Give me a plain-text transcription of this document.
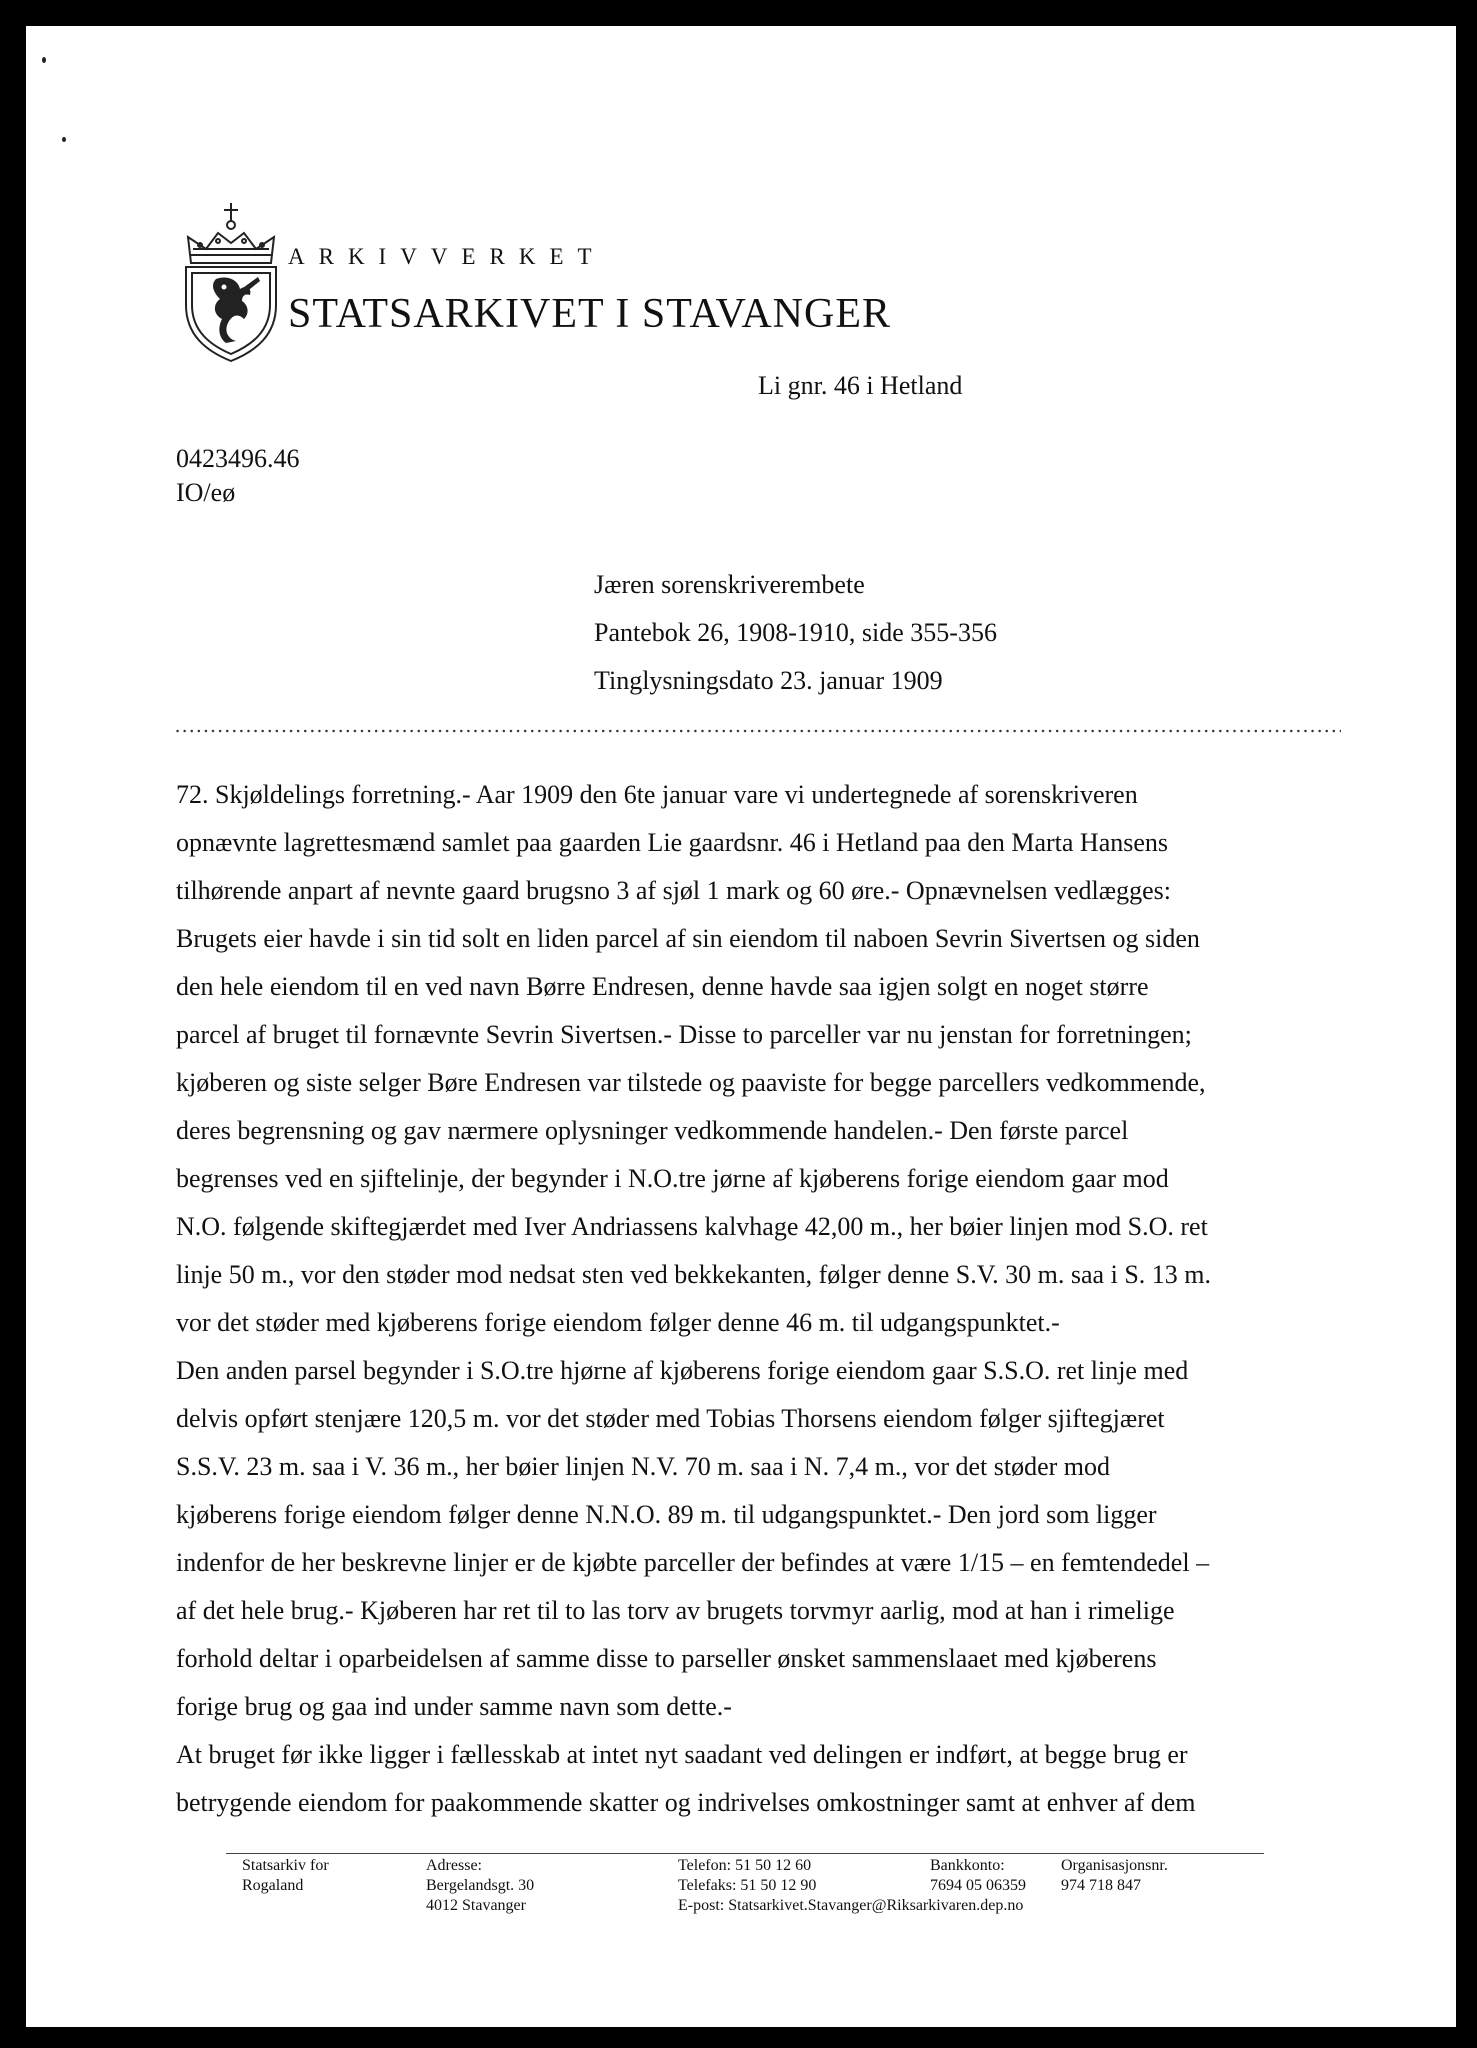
ARKIVVERKET
STATSARKIVET I STAVANGER
Li gnr. 46 i Hetland
0423496.46
IO/eø
Jæren sorenskriverembete
Pantebok 26, 1908-1910, side 355-356
Tinglysningsdato 23. januar 1909
72. Skjøldelings forretning.- Aar 1909 den 6te januar vare vi undertegnede af sorenskriveren
opnævnte lagrettesmænd samlet paa gaarden Lie gaardsnr. 46 i Hetland paa den Marta Hansens
tilhørende anpart af nevnte gaard brugsno 3 af sjøl 1 mark og 60 øre.- Opnævnelsen vedlægges:
Brugets eier havde i sin tid solt en liden parcel af sin eiendom til naboen Sevrin Sivertsen og siden
den hele eiendom til en ved navn Børre Endresen, denne havde saa igjen solgt en noget større
parcel af bruget til fornævnte Sevrin Sivertsen.- Disse to parceller var nu jenstan for forretningen;
kjøberen og siste selger Børe Endresen var tilstede og paaviste for begge parcellers vedkommende,
deres begrensning og gav nærmere oplysninger vedkommende handelen.- Den første parcel
begrenses ved en sjiftelinje, der begynder i N.O.tre jørne af kjøberens forige eiendom gaar mod
N.O. følgende skiftegjærdet med Iver Andriassens kalvhage 42,00 m., her bøier linjen mod S.O. ret
linje 50 m., vor den støder mod nedsat sten ved bekkekanten, følger denne S.V. 30 m. saa i S. 13 m.
vor det støder med kjøberens forige eiendom følger denne 46 m. til udgangspunktet.-
Den anden parsel begynder i S.O.tre hjørne af kjøberens forige eiendom gaar S.S.O. ret linje med
delvis opført stenjære 120,5 m. vor det støder med Tobias Thorsens eiendom følger sjiftegjæret
S.S.V. 23 m. saa i V. 36 m., her bøier linjen N.V. 70 m. saa i N. 7,4 m., vor det støder mod
kjøberens forige eiendom følger denne N.N.O. 89 m. til udgangspunktet.- Den jord som ligger
indenfor de her beskrevne linjer er de kjøbte parceller der befindes at være 1/15 – en femtendedel –
af det hele brug.- Kjøberen har ret til to las torv av brugets torvmyr aarlig, mod at han i rimelige
forhold deltar i oparbeidelsen af samme disse to parseller ønsket sammenslaaet med kjøberens
forige brug og gaa ind under samme navn som dette.-
At bruget før ikke ligger i fællesskab at intet nyt saadant ved delingen er indført, at begge brug er
betrygende eiendom for paakommende skatter og indrivelses omkostninger samt at enhver af dem
Statsarkiv for
Rogaland
Adresse:
Bergelandsgt. 30
4012 Stavanger
Telefon: 51 50 12 60
Telefaks: 51 50 12 90
E-post: Statsarkivet.Stavanger@Riksarkivaren.dep.no
Bankkonto:
7694 05 06359
Organisasjonsnr.
974 718 847
